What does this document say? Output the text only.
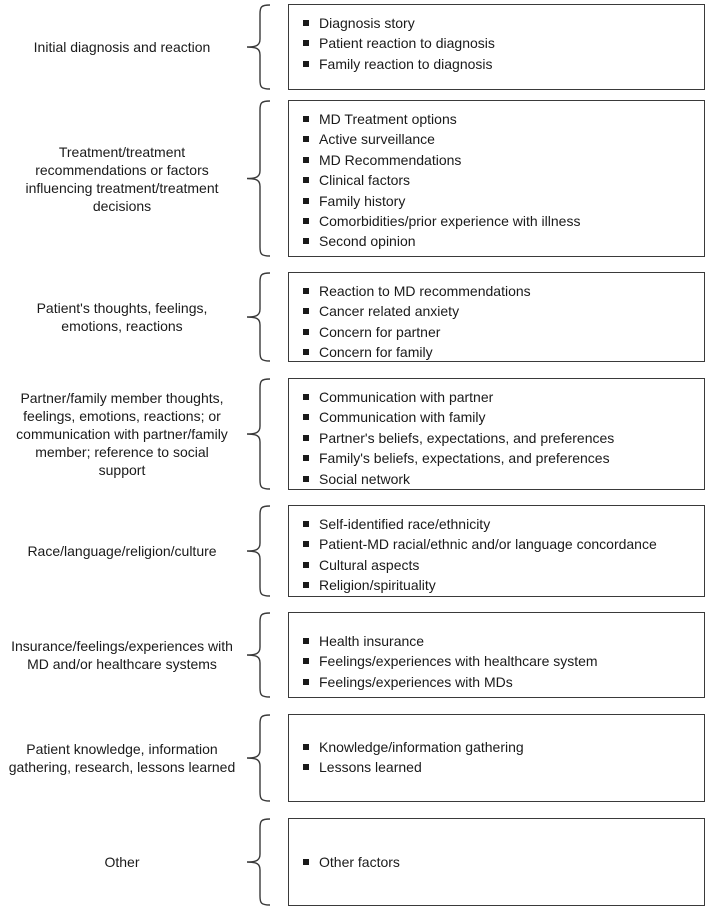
Initial diagnosis and reaction
Diagnosis story
Patient reaction to diagnosis
Family reaction to diagnosis
Treatment/treatment
recommendations or factors
influencing treatment/treatment
decisions
MD Treatment options
Active surveillance
MD Recommendations
Clinical factors
Family history
Comorbidities/prior experience with illness
Second opinion
Patient's thoughts, feelings,
emotions, reactions
Reaction to MD recommendations
Cancer related anxiety
Concern for partner
Concern for family
Partner/family member thoughts,
feelings, emotions, reactions; or
communication with partner/family
member; reference to social
support
Communication with partner
Communication with family
Partner's beliefs, expectations, and preferences
Family's beliefs, expectations, and preferences
Social network
Race/language/religion/culture
Self-identified race/ethnicity
Patient-MD racial/ethnic and/or language concordance
Cultural aspects
Religion/spirituality
Insurance/feelings/experiences with
MD and/or healthcare systems
Health insurance
Feelings/experiences with healthcare system
Feelings/experiences with MDs
Patient knowledge, information
gathering, research, lessons learned
Knowledge/information gathering
Lessons learned
Other	Other factors
